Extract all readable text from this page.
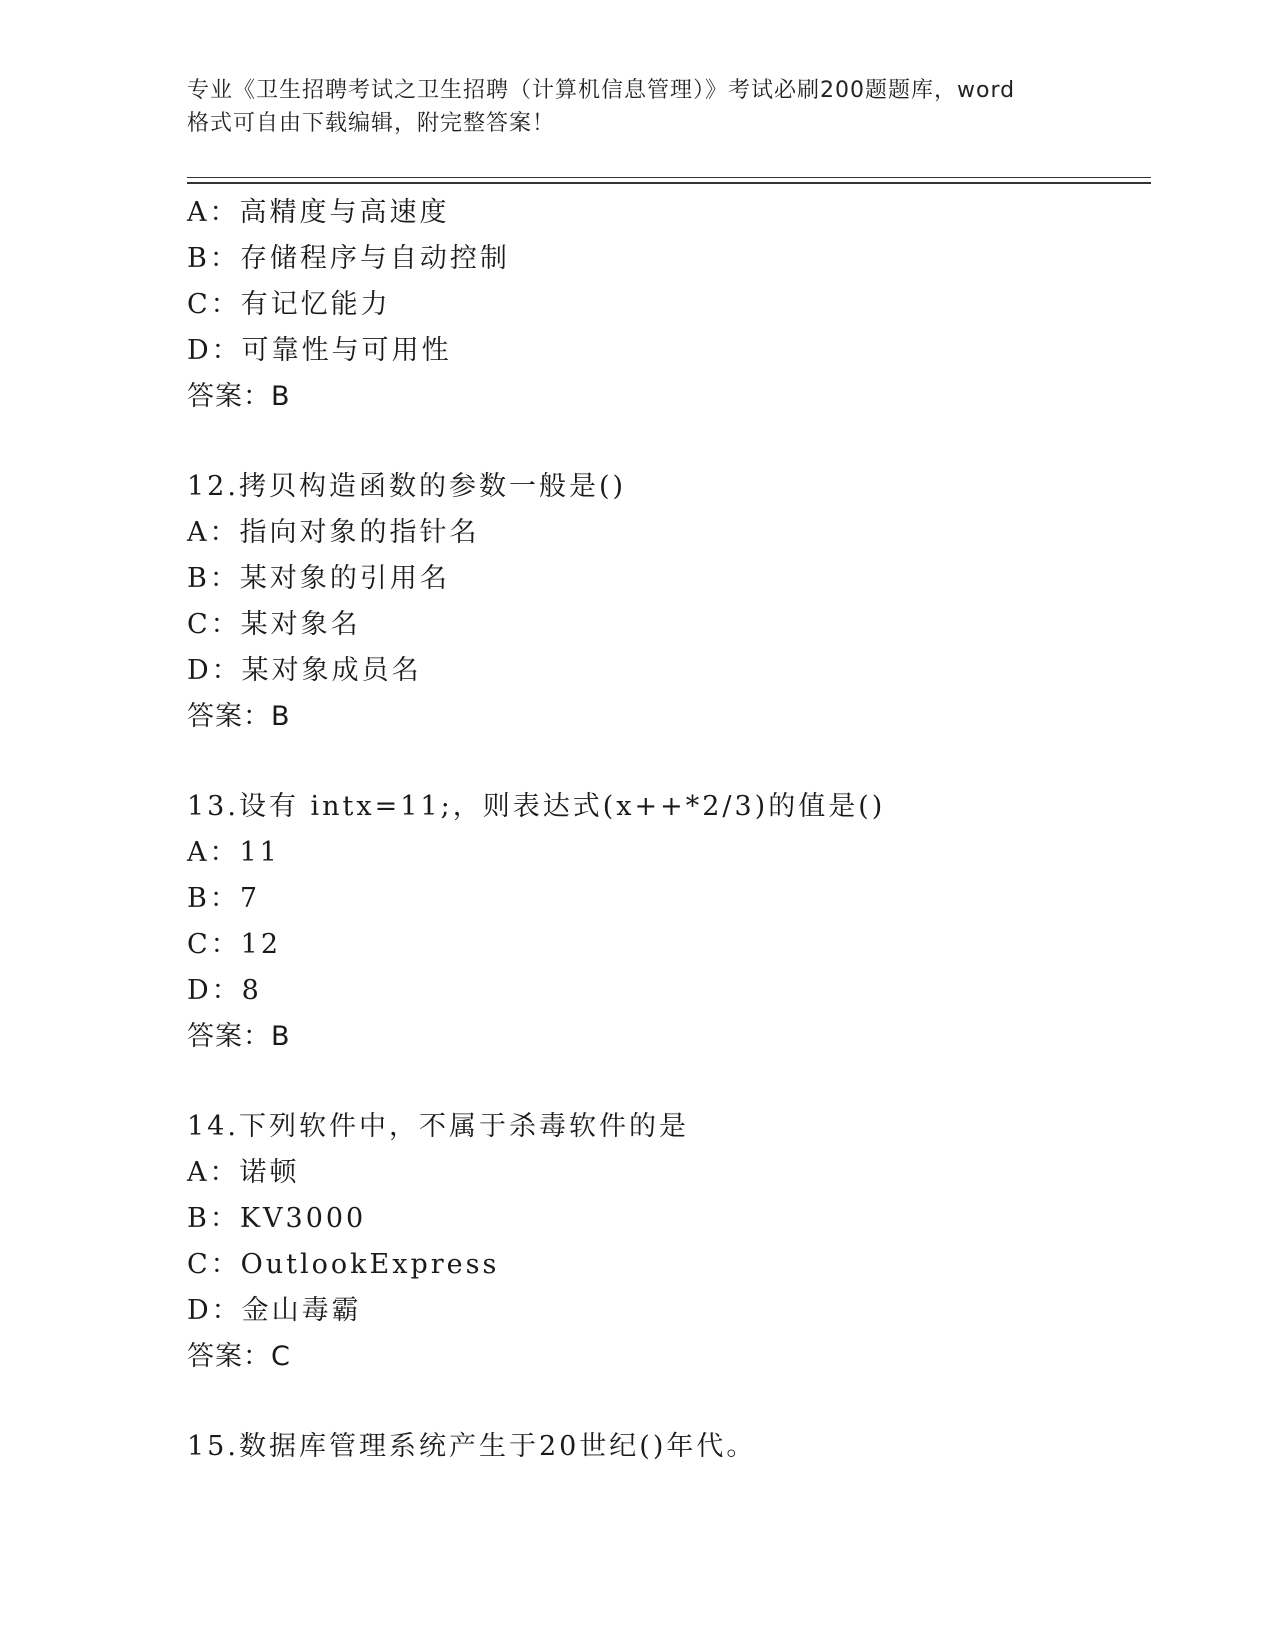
专业《卫生招聘考试之卫生招聘（计算机信息管理）》考试必刷200题题库，word
格式可自由下载编辑，附完整答案！
A：高精度与高速度
B：存储程序与自动控制
C：有记忆能力
D：可靠性与可用性
答案：B
12.拷贝构造函数的参数一般是()
A：指向对象的指针名
B：某对象的引用名
C：某对象名
D：某对象成员名
答案：B
13.设有 intx=11;，则表达式(x++*2/3)的值是()
A：11
B：7
C：12
D：8
答案：B
14.下列软件中，不属于杀毒软件的是
A：诺顿
B：KV3000
C：OutlookExpress
D：金山毒霸
答案：C
15.数据库管理系统产生于20世纪()年代。
